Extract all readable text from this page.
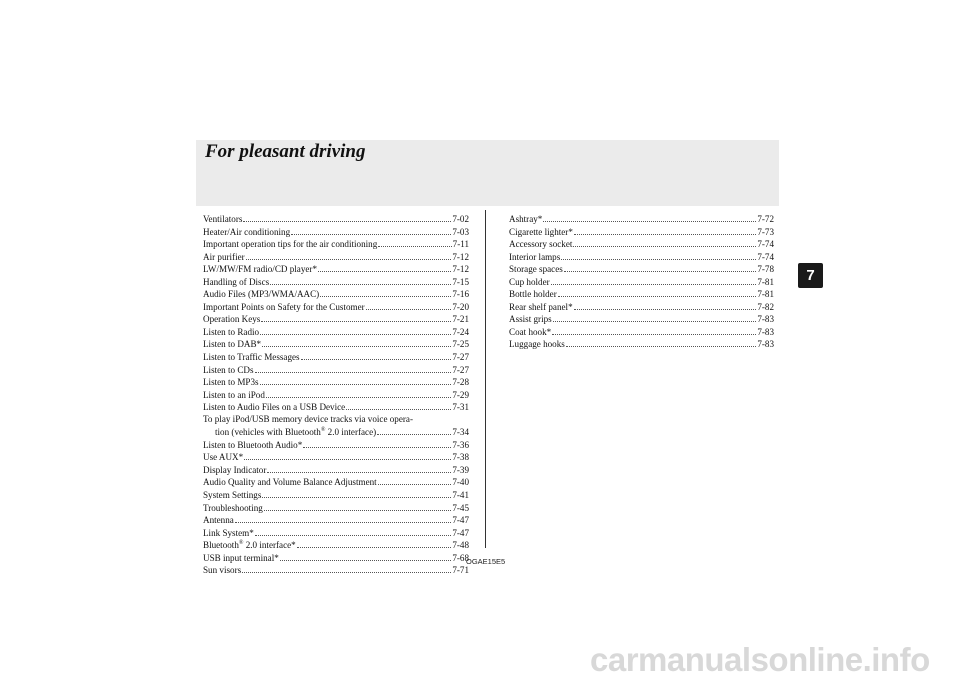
For pleasant driving
Ventilators	7-02
Heater/Air conditioning	7-03
Important operation tips for the air conditioning	7-11
Air purifier	7-12
LW/MW/FM radio/CD player*	7-12
Handling of Discs	7-15
Audio Files (MP3/WMA/AAC)	7-16
Important Points on Safety for the Customer	7-20
Operation Keys	7-21
Listen to Radio	7-24
Listen to DAB*	7-25
Listen to Traffic Messages	7-27
Listen to CDs	7-27
Listen to MP3s	7-28
Listen to an iPod	7-29
Listen to Audio Files on a USB Device	7-31
To play iPod/USB memory device tracks via voice opera-
tion (vehicles with Bluetooth® 2.0 interface)	7-34
Listen to Bluetooth Audio*	7-36
Use AUX*	7-38
Display Indicator	7-39
Audio Quality and Volume Balance Adjustment	7-40
System Settings	7-41
Troubleshooting	7-45
Antenna	7-47
Link System*	7-47
Bluetooth® 2.0 interface*	7-48
USB input terminal*	7-68
Sun visors	7-71
Ashtray*	7-72
Cigarette lighter*	7-73
Accessory socket	7-74
Interior lamps	7-74
Storage spaces	7-78
Cup holder	7-81
Bottle holder	7-81
Rear shelf panel*	7-82
Assist grips	7-83
Coat hook*	7-83
Luggage hooks	7-83
7
OGAE15E5
carmanualsonline.info
